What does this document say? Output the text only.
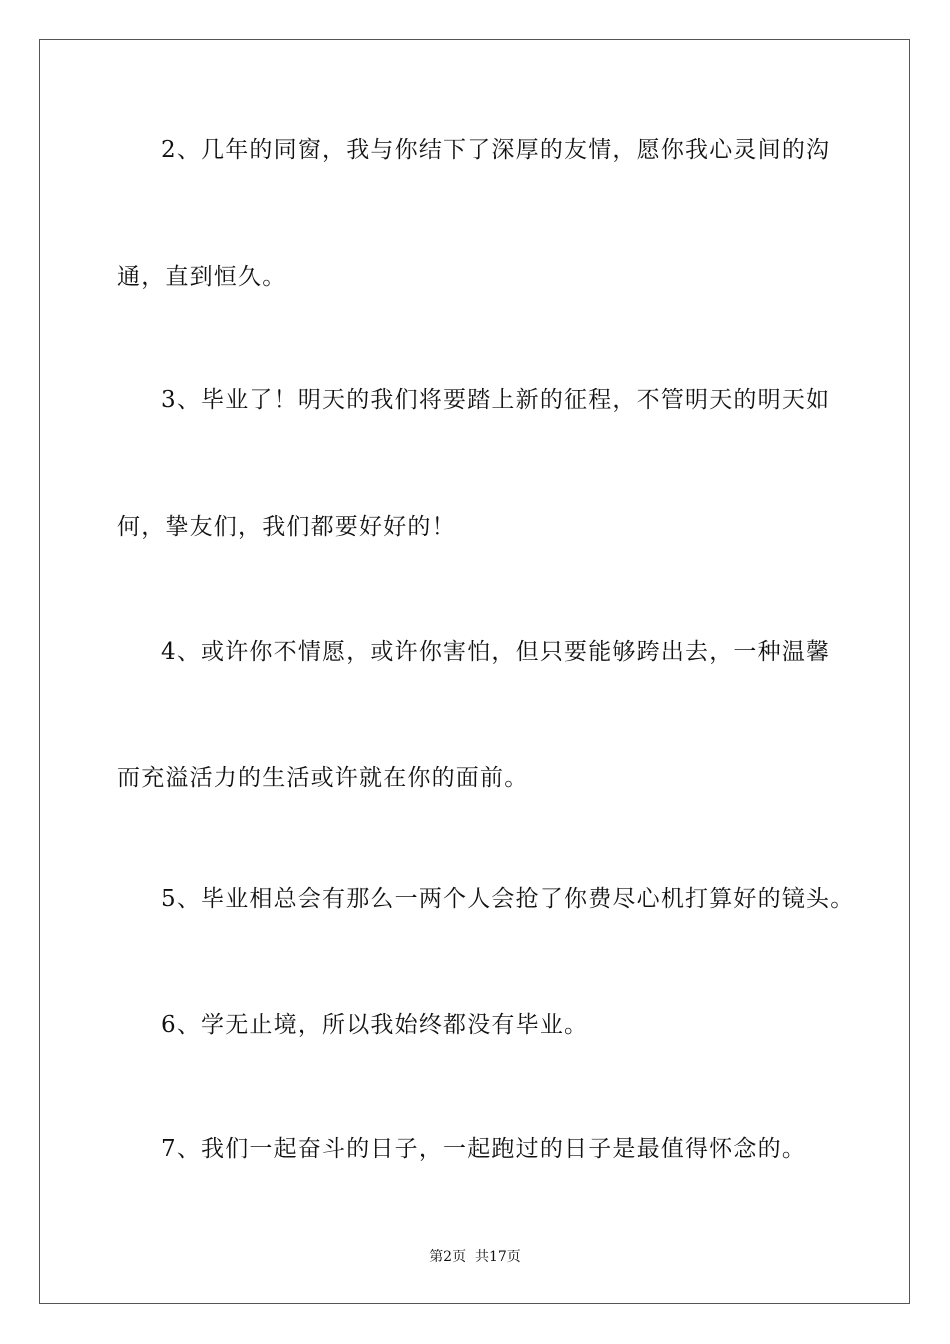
2、几年的同窗，我与你结下了深厚的友情，愿你我心灵间的沟
通，直到恒久。
3、毕业了！明天的我们将要踏上新的征程，不管明天的明天如
何，挚友们，我们都要好好的！
4、或许你不情愿，或许你害怕，但只要能够跨出去，一种温馨
而充溢活力的生活或许就在你的面前。
5、毕业相总会有那么一两个人会抢了你费尽心机打算好的镜头。
6、学无止境，所以我始终都没有毕业。
7、我们一起奋斗的日子，一起跑过的日子是最值得怀念的。
第2页  共17页
